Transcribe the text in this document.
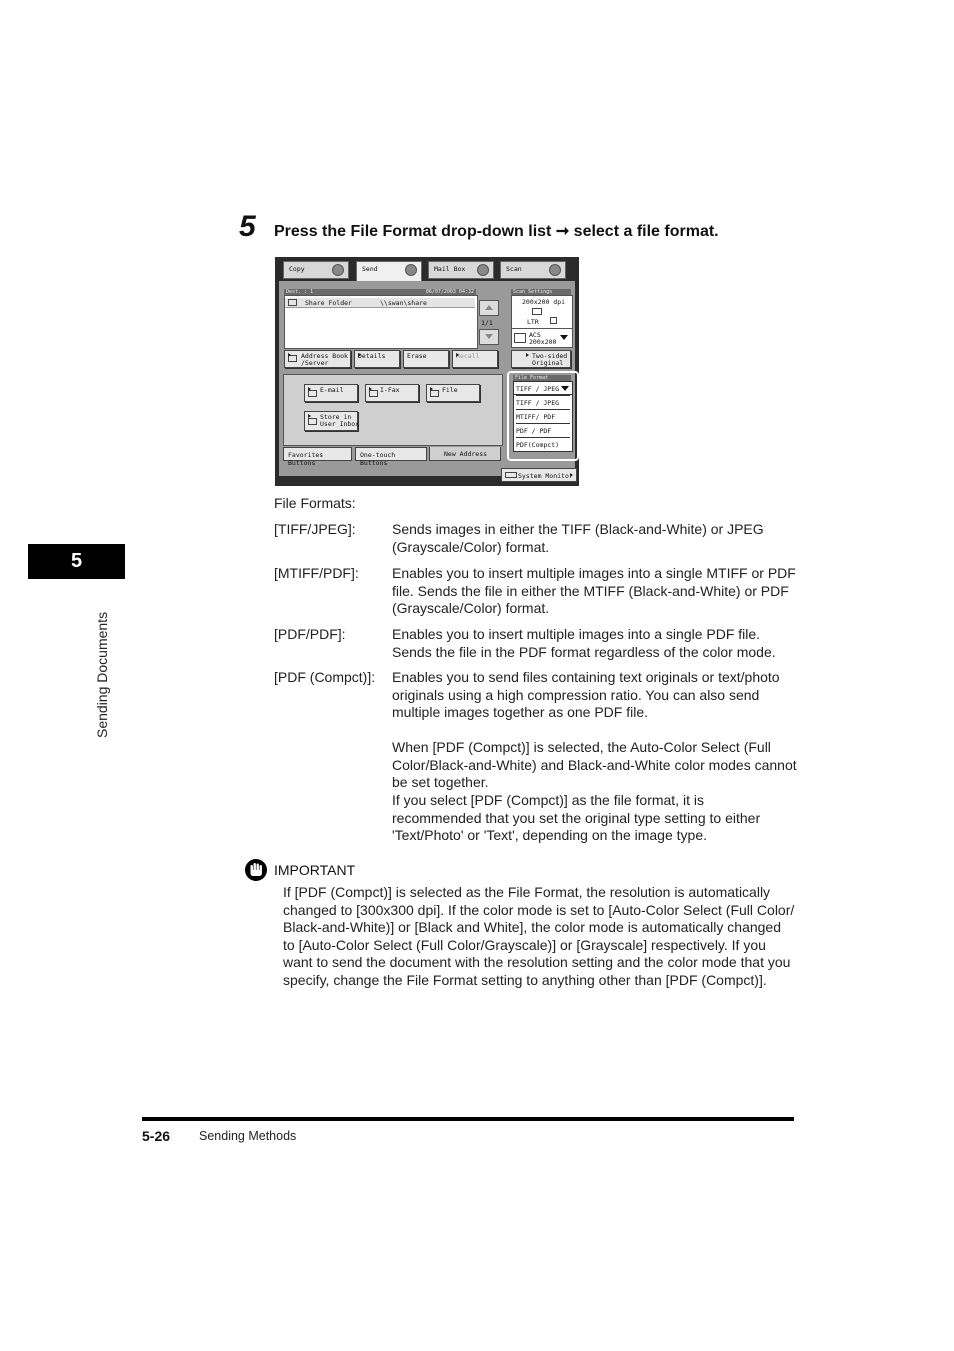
5
Sending Documents
5 Press the File Format drop-down list ➞ select a file format.
Copy	Send	Mail Box	Scan
Dest. : 1	06/07/2003 04:32
Share Folder	\\swan\share
1/1
Scan Settings
200x200 dpi
LTR
ACS
200x200
Address Book
/Server
Details	Erase	Recall	Two-sided
Original
E-mail	I-Fax	File
Store in
User Inbox
File Format
TIFF / JPEG
TIFF / JPEG
MTIFF/ PDF
PDF / PDF
PDF(Compct)
Favorites Buttons
One-touch Buttons
New Address
System Monitor
File Formats:
[TIFF/JPEG]:	Sends images in either the TIFF (Black-and-White) or JPEG (Grayscale/Color) format.
[MTIFF/PDF]: Enables you to insert multiple images into a single MTIFF or PDF file. Sends the file in either the MTIFF (Black-and-White) or PDF (Grayscale/Color) format.
[PDF/PDF]:	Enables you to insert multiple images into a single PDF file. Sends the file in the PDF format regardless of the color mode.
[PDF (Compct)]: Enables you to send files containing text originals or text/photo originals using a high compression ratio. You can also send multiple images together as one PDF file.
When [PDF (Compct)] is selected, the Auto-Color Select (Full Color/Black-and-White) and Black-and-White color modes cannot be set together.
If you select [PDF (Compct)] as the file format, it is recommended that you set the original type setting to either 'Text/Photo' or 'Text', depending on the image type.
IMPORTANT
If [PDF (Compct)] is selected as the File Format, the resolution is automatically changed to [300x300 dpi]. If the color mode is set to [Auto-Color Select (Full Color/ Black-and-White)] or [Black and White], the color mode is automatically changed to [Auto-Color Select (Full Color/Grayscale)] or [Grayscale] respectively. If you want to send the document with the resolution setting and the color mode that you specify, change the File Format setting to anything other than [PDF (Compct)].
5-26 Sending Methods
